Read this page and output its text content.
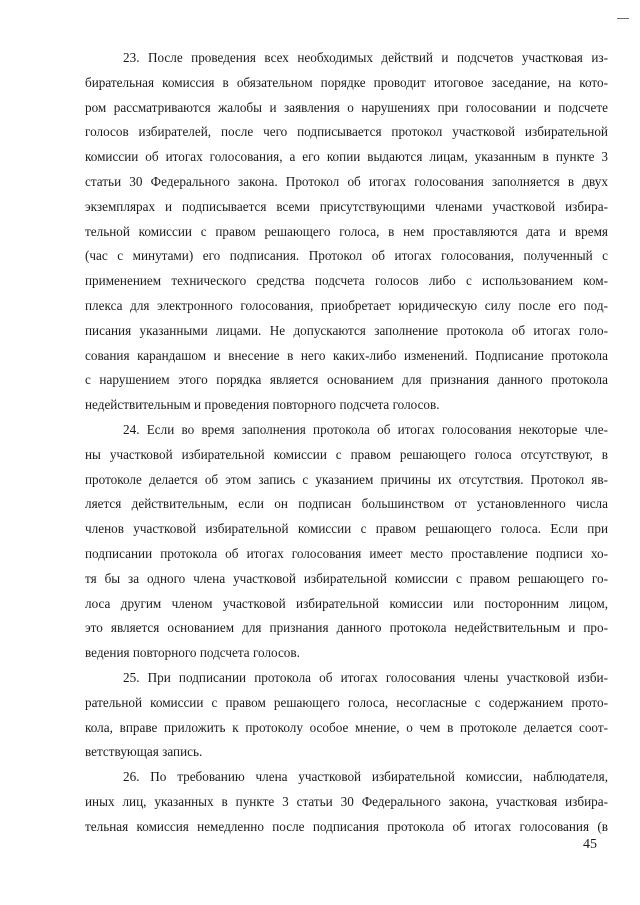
23. После проведения всех необходимых действий и подсчетов участковая из-
бирательная комиссия в обязательном порядке проводит итоговое заседание, на кото-
ром рассматриваются жалобы и заявления о нарушениях при голосовании и подсчете
голосов избирателей, после чего подписывается протокол участковой избирательной
комиссии об итогах голосования, а его копии выдаются лицам, указанным в пункте 3
статьи 30 Федерального закона. Протокол об итогах голосования заполняется в двух
экземплярах и подписывается всеми присутствующими членами участковой избира-
тельной комиссии с правом решающего голоса, в нем проставляются дата и время
(час с минутами) его подписания. Протокол об итогах голосования, полученный с
применением технического средства подсчета голосов либо с использованием ком-
плекса для электронного голосования, приобретает юридическую силу после его под-
писания указанными лицами. Не допускаются заполнение протокола об итогах голо-
сования карандашом и внесение в него каких-либо изменений. Подписание протокола
с нарушением этого порядка является основанием для признания данного протокола
недействительным и проведения повторного подсчета голосов.

24. Если во время заполнения протокола об итогах голосования некоторые чле-
ны участковой избирательной комиссии с правом решающего голоса отсутствуют, в
протоколе делается об этом запись с указанием причины их отсутствия. Протокол яв-
ляется действительным, если он подписан большинством от установленного числа
членов участковой избирательной комиссии с правом решающего голоса. Если при
подписании протокола об итогах голосования имеет место проставление подписи хо-
тя бы за одного члена участковой избирательной комиссии с правом решающего го-
лоса другим членом участковой избирательной комиссии или посторонним лицом,
это является основанием для признания данного протокола недействительным и про-
ведения повторного подсчета голосов.

25. При подписании протокола об итогах голосования члены участковой изби-
рательной комиссии с правом решающего голоса, несогласные с содержанием прото-
кола, вправе приложить к протоколу особое мнение, о чем в протоколе делается соот-
ветствующая запись.

26. По требованию члена участковой избирательной комиссии, наблюдателя,
иных лиц, указанных в пункте 3 статьи 30 Федерального закона, участковая избира-
тельная комиссия немедленно после подписания протокола об итогах голосования (в

45
